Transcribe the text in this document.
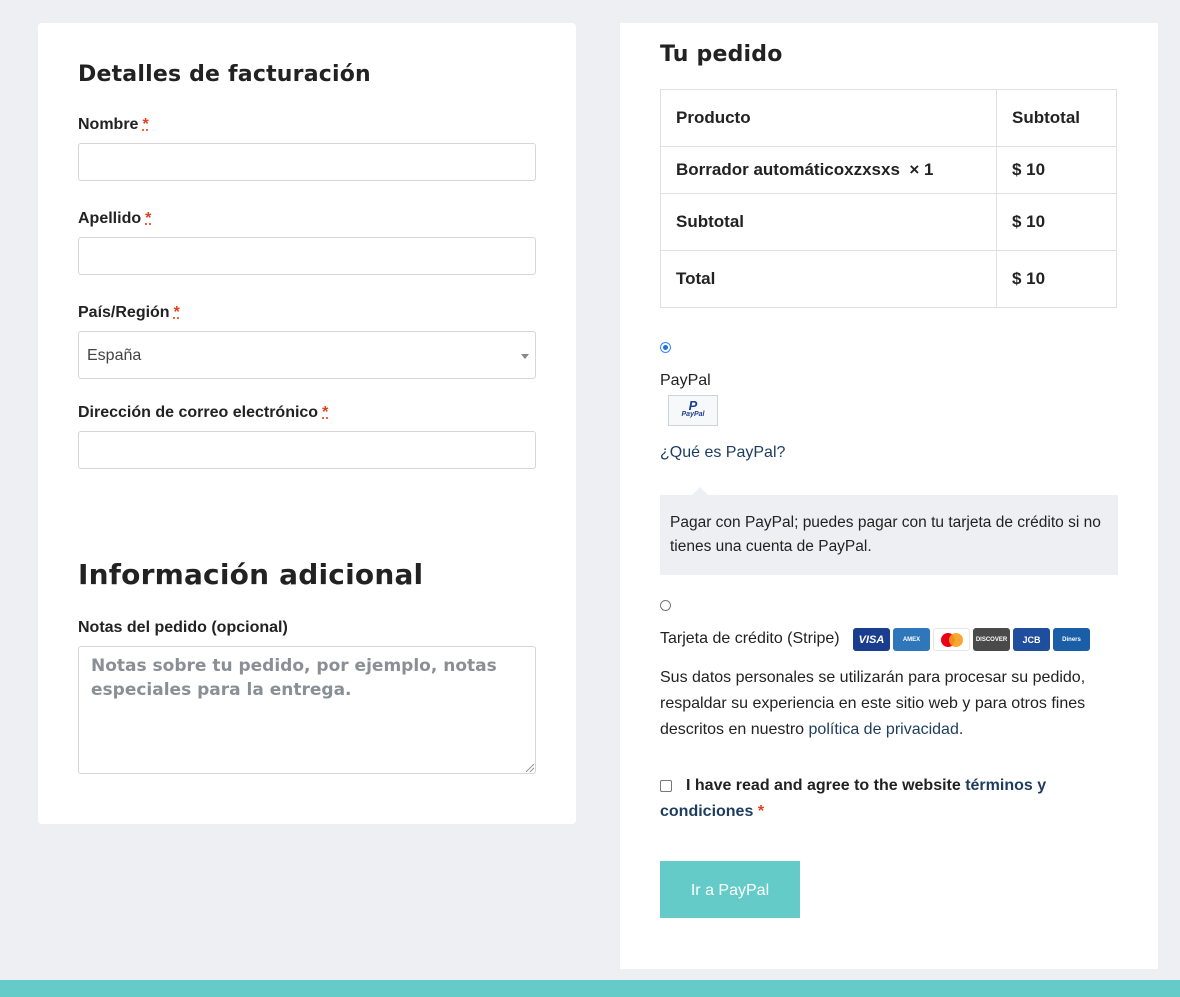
Detalles de facturación
Nombre *
Apellido *
País/Región *
España
Dirección de correo electrónico *
Información adicional
Notas del pedido (opcional)
Notas sobre tu pedido, por ejemplo, notas especiales para la entrega.
Tu pedido
Producto	Subtotal
Borrador automáticoxzxsxs × 1	$ 10
Subtotal	$ 10
Total	$ 10
PayPal
P
PayPal
¿Qué es PayPal?
Pagar con PayPal; puedes pagar con tu tarjeta de crédito si no tienes una cuenta de PayPal.
Tarjeta de crédito (Stripe)	VISA	AMEX	DISCOVER	JCB	Diners
Sus datos personales se utilizarán para procesar su pedido, respaldar su experiencia en este sitio web y para otros fines descritos en nuestro política de privacidad.
I have read and agree to the website términos y condiciones *
Ir a PayPal
